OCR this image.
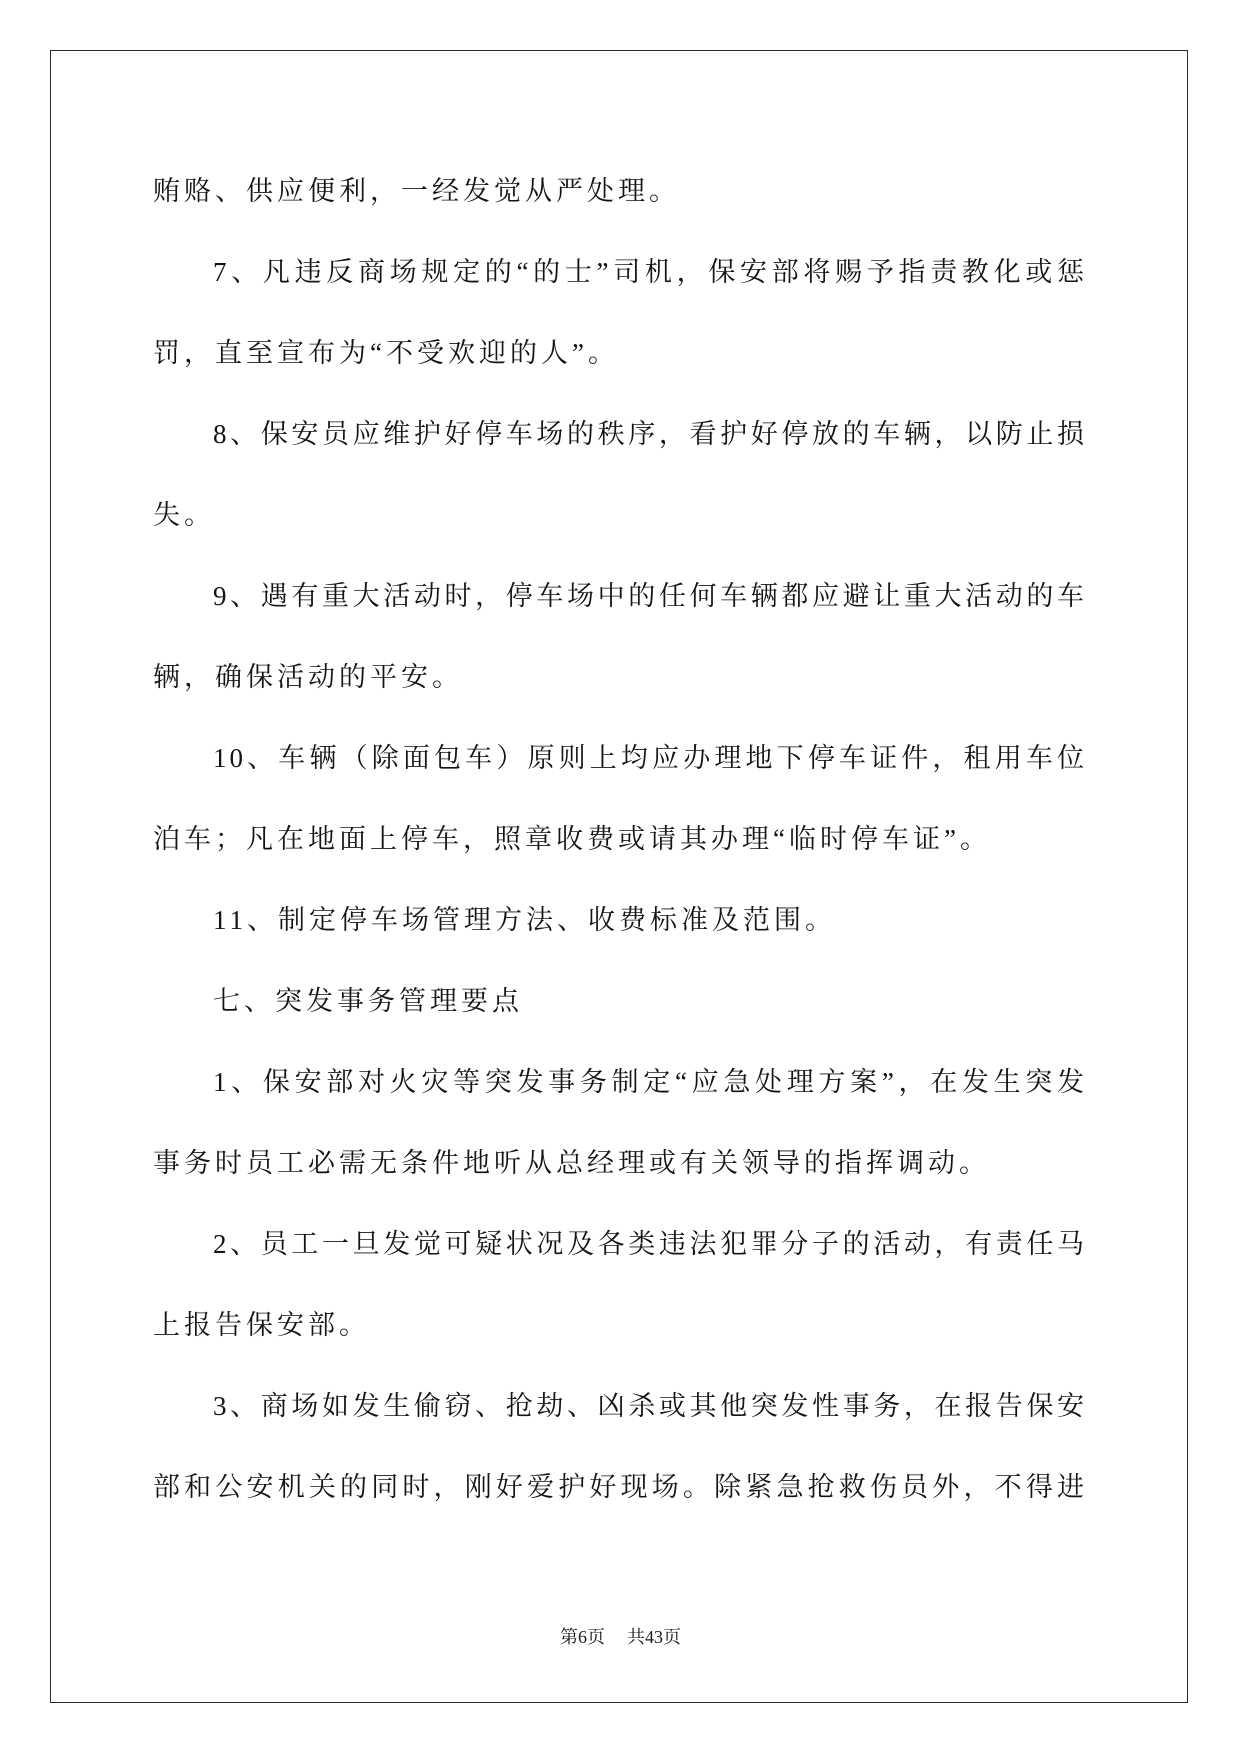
贿赂、供应便利，一经发觉从严处理。
7、凡违反商场规定的“的士”司机，保安部将赐予指责教化或惩
罚，直至宣布为“不受欢迎的人”。
8、保安员应维护好停车场的秩序，看护好停放的车辆，以防止损
失。
9、遇有重大活动时，停车场中的任何车辆都应避让重大活动的车
辆，确保活动的平安。
10、车辆（除面包车）原则上均应办理地下停车证件，租用车位
泊车；凡在地面上停车，照章收费或请其办理“临时停车证”。
11、制定停车场管理方法、收费标准及范围。
七、突发事务管理要点
1、保安部对火灾等突发事务制定“应急处理方案”，在发生突发
事务时员工必需无条件地听从总经理或有关领导的指挥调动。
2、员工一旦发觉可疑状况及各类违法犯罪分子的活动，有责任马
上报告保安部。
3、商场如发生偷窃、抢劫、凶杀或其他突发性事务，在报告保安
部和公安机关的同时，刚好爱护好现场。除紧急抢救伤员外，不得进
第6页 共43页
